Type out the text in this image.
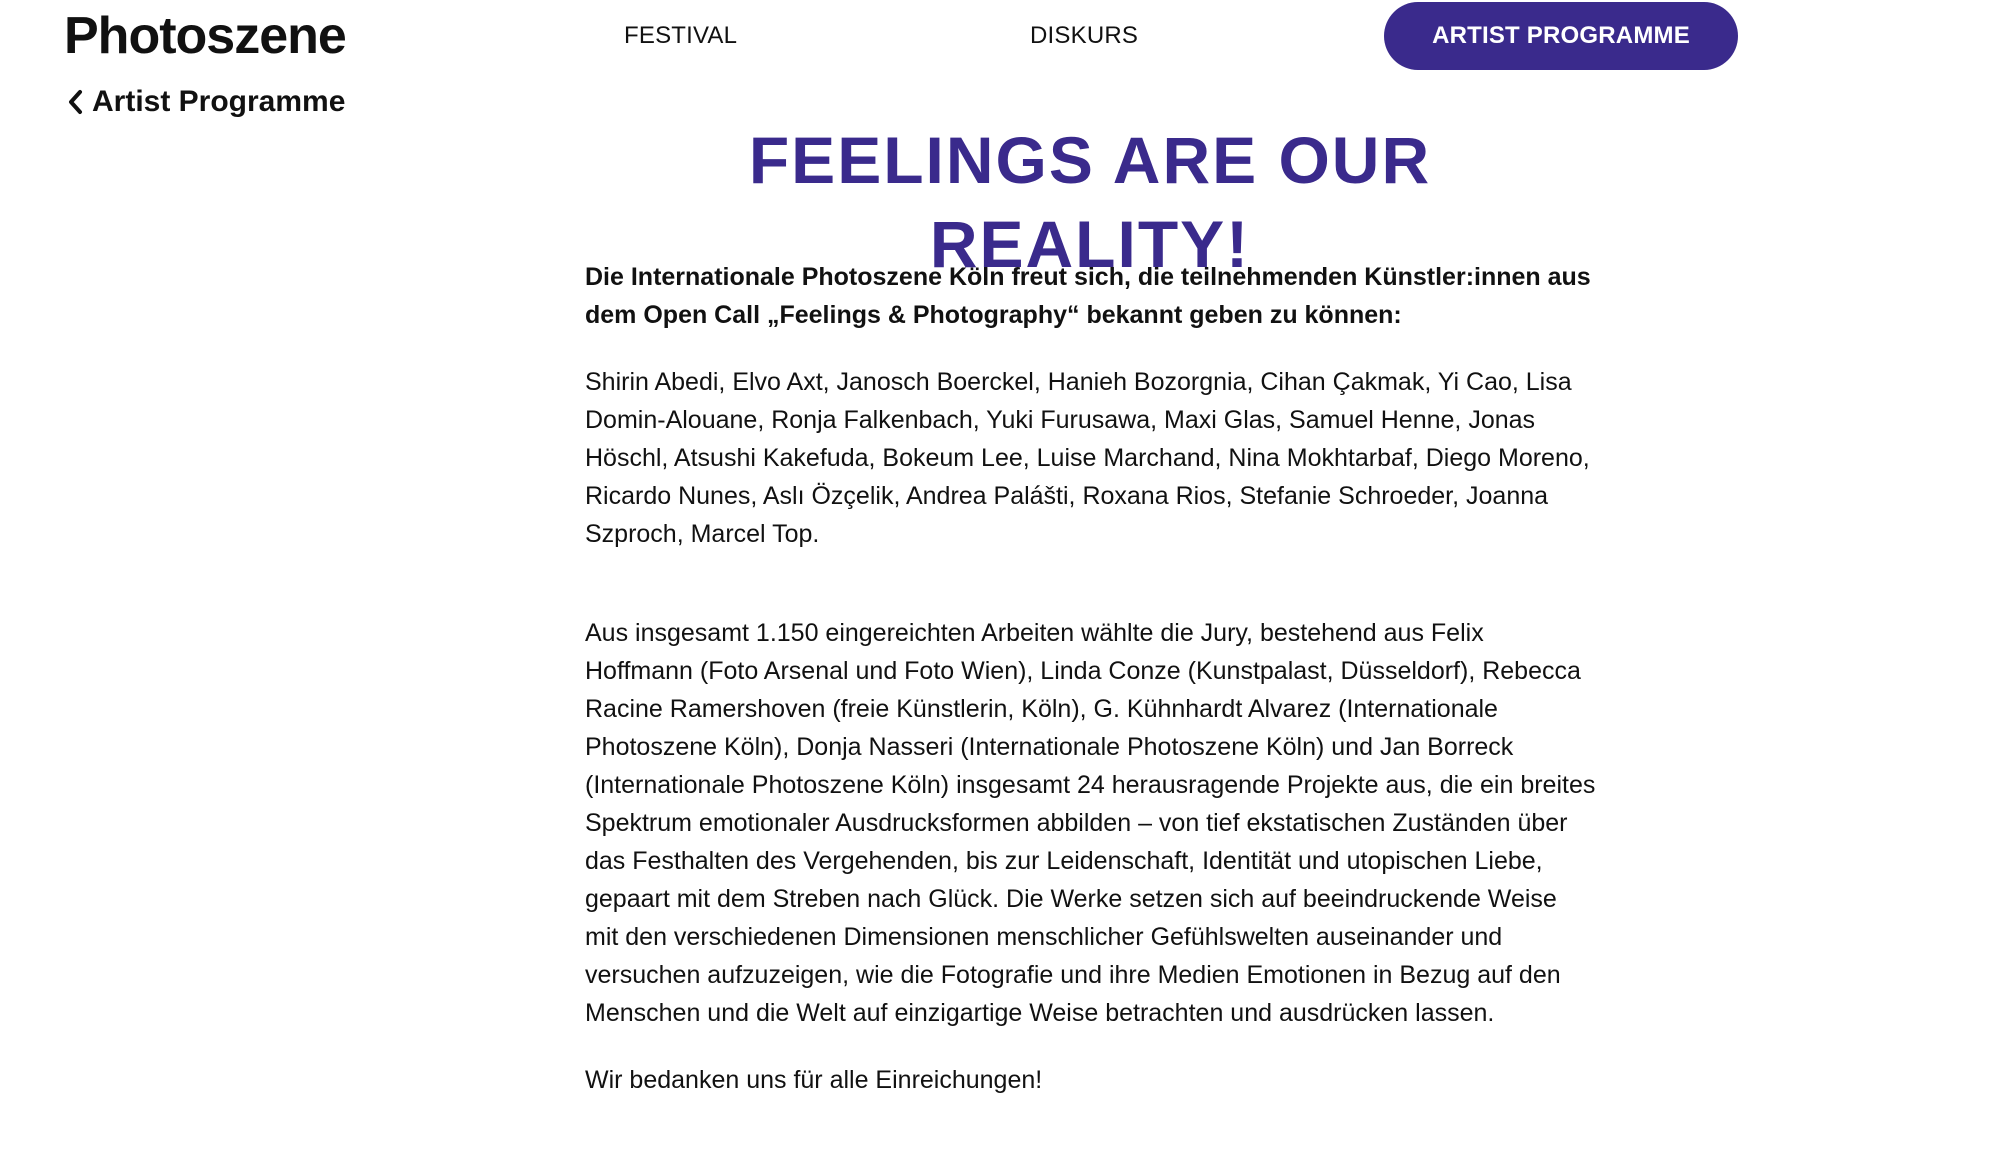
Photoszene
Artist Programme
FESTIVAL	DISKURS	ARTIST PROGRAMME
FEELINGS ARE OUR REALITY!

Die Internationale Photoszene Köln freut sich, die teilnehmenden Künstler:innen aus dem Open Call „Feelings & Photography“ bekannt geben zu können:

Shirin Abedi, Elvo Axt, Janosch Boerckel, Hanieh Bozorgnia, Cihan Çakmak, Yi Cao, Lisa Domin-Alouane, Ronja Falkenbach, Yuki Furusawa, Maxi Glas, Samuel Henne, Jonas Höschl, Atsushi Kakefuda, Bokeum Lee, Luise Marchand, Nina Mokhtarbaf, Diego Moreno, Ricardo Nunes, Aslı Özçelik, Andrea Palášti, Roxana Rios, Stefanie Schroeder, Joanna Szproch, Marcel Top.

Aus insgesamt 1.150 eingereichten Arbeiten wählte die Jury, bestehend aus Felix Hoffmann (Foto Arsenal und Foto Wien), Linda Conze (Kunstpalast, Düsseldorf), Rebecca Racine Ramershoven (freie Künstlerin, Köln), G. Kühnhardt Alvarez (Internationale Photoszene Köln), Donja Nasseri (Internationale Photoszene Köln) und Jan Borreck (Internationale Photoszene Köln) insgesamt 24 herausragende Projekte aus, die ein breites Spektrum emotionaler Ausdrucksformen abbilden – von tief ekstatischen Zuständen über das Festhalten des Vergehenden, bis zur Leidenschaft, Identität und utopischen Liebe, gepaart mit dem Streben nach Glück. Die Werke setzen sich auf beeindruckende Weise mit den verschiedenen Dimensionen menschlicher Gefühlswelten auseinander und versuchen aufzuzeigen, wie die Fotografie und ihre Medien Emotionen in Bezug auf den Menschen und die Welt auf einzigartige Weise betrachten und ausdrücken lassen.

Wir bedanken uns für alle Einreichungen!
